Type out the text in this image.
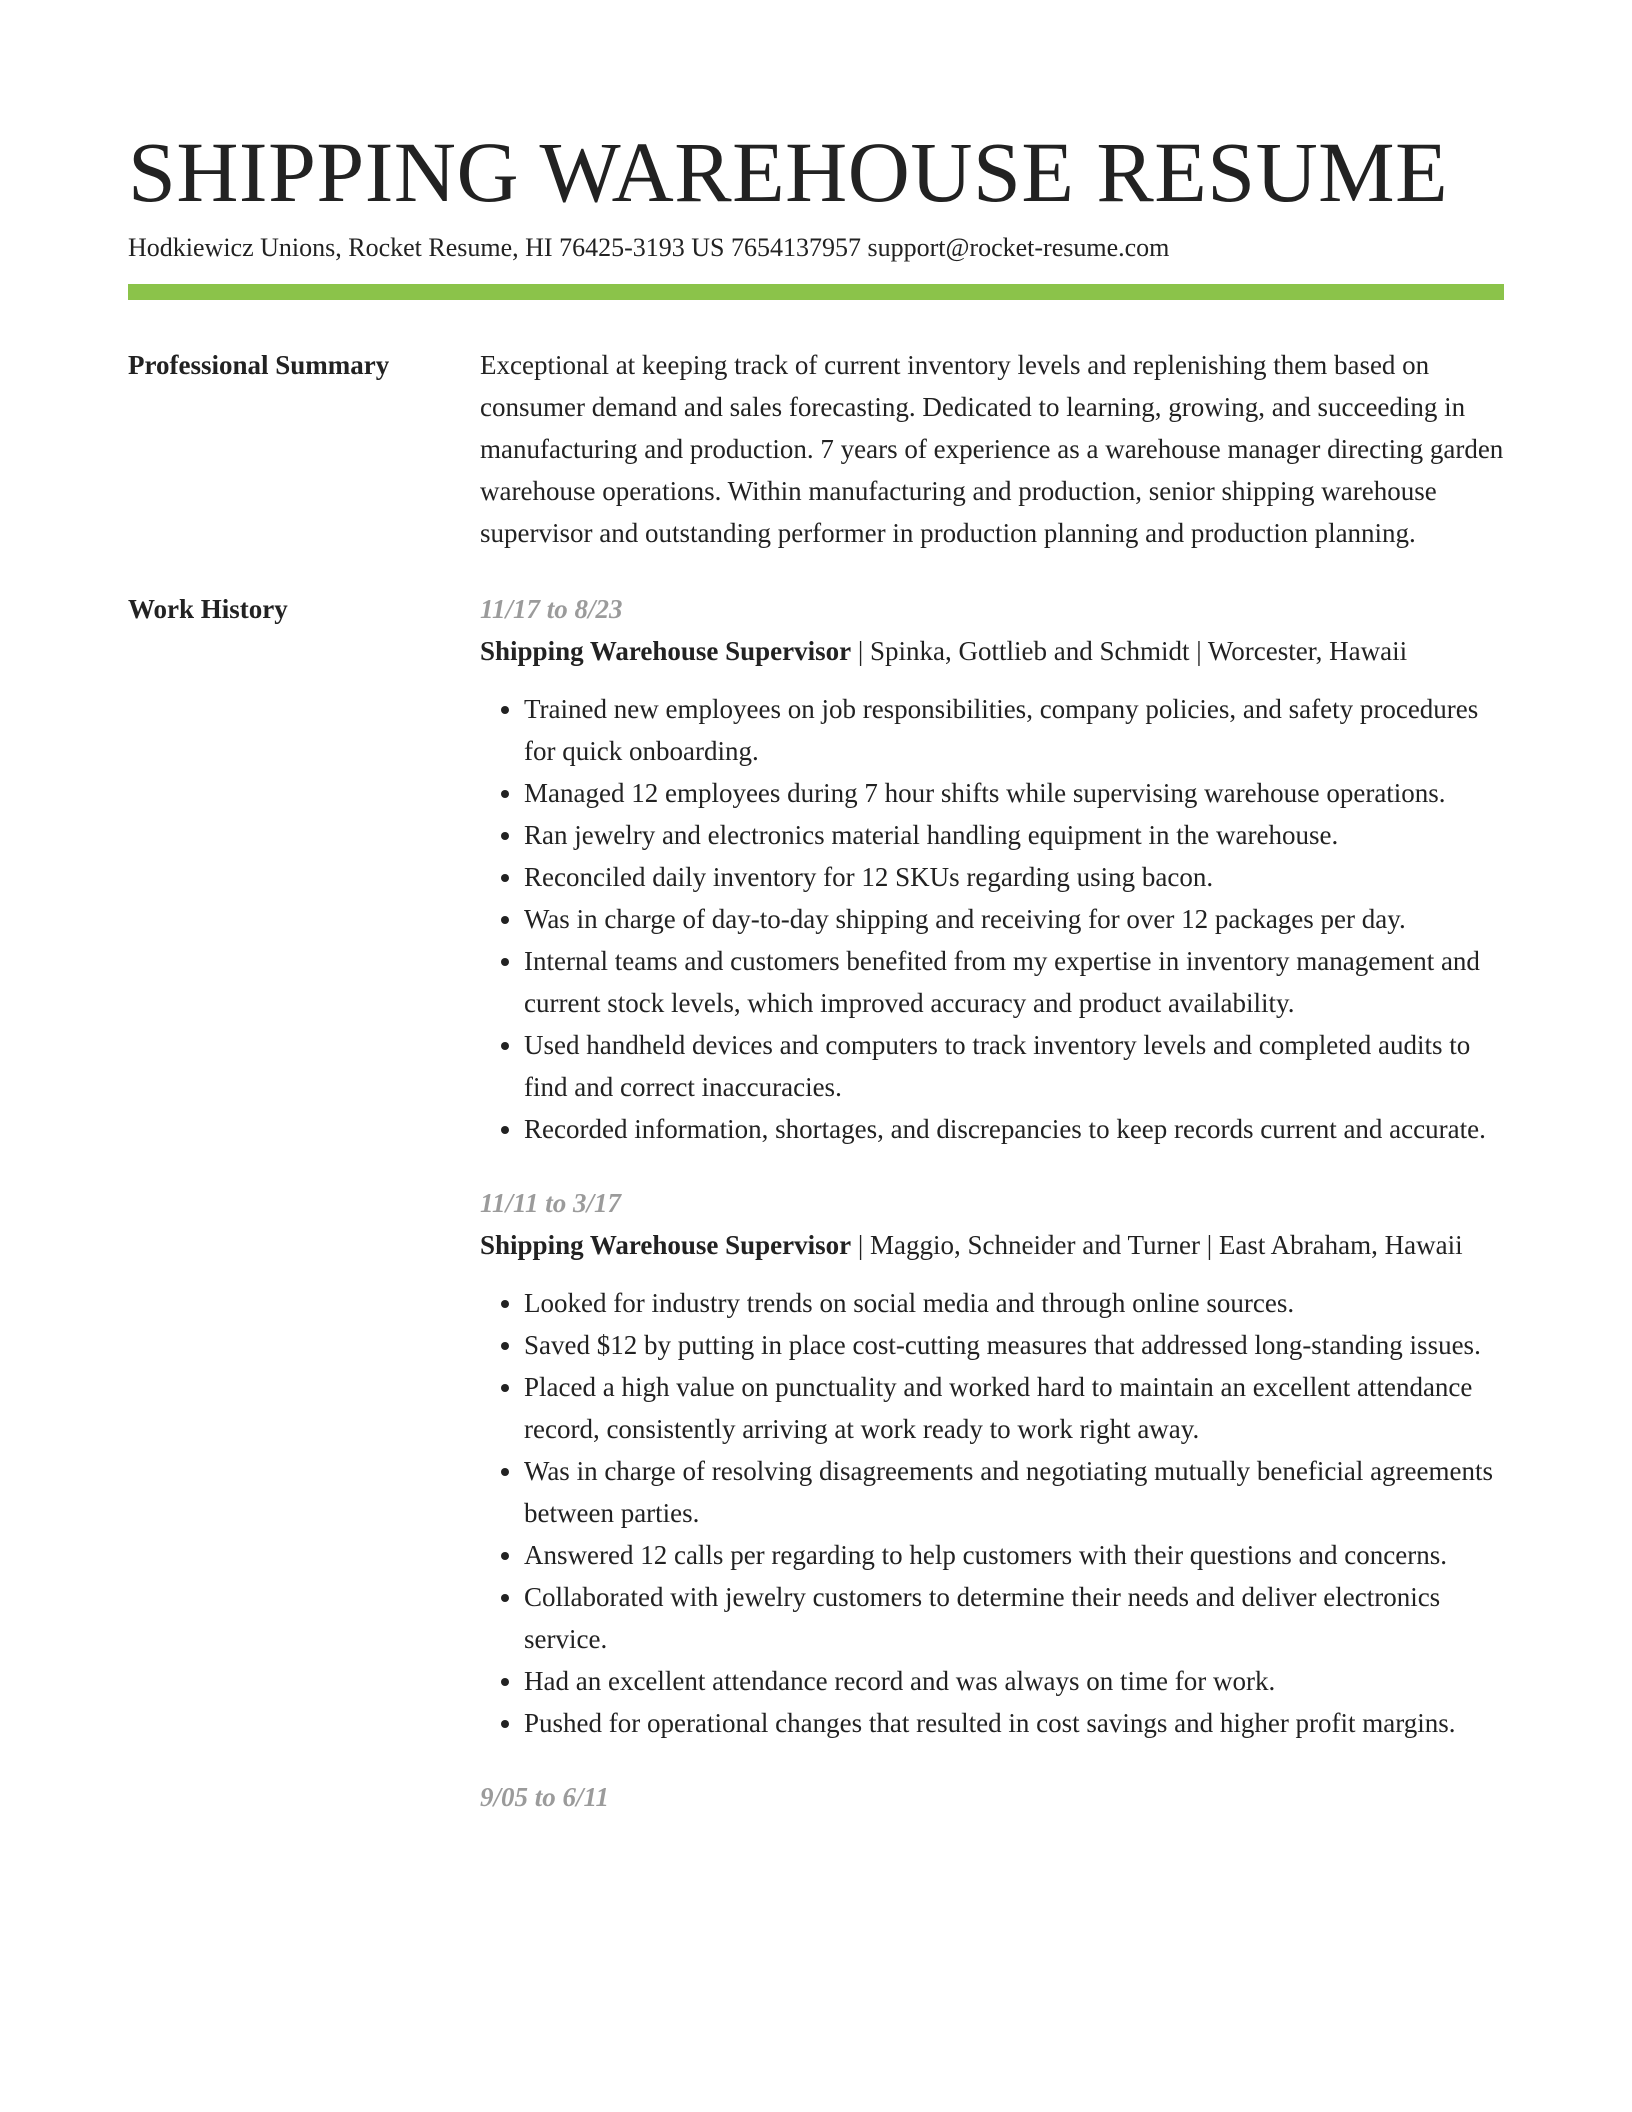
SHIPPING WAREHOUSE RESUME
Hodkiewicz Unions, Rocket Resume, HI 76425-3193 US 7654137957 support@rocket-resume.com
Professional Summary	Exceptional at keeping track of current inventory levels and replenishing them based on consumer demand and sales forecasting. Dedicated to learning, growing, and succeeding in manufacturing and production. 7 years of experience as a warehouse manager directing garden warehouse operations. Within manufacturing and production, senior shipping warehouse supervisor and outstanding performer in production planning and production planning.

Work History	11/17 to 8/23
Shipping Warehouse Supervisor | Spinka, Gottlieb and Schmidt | Worcester, Hawaii
• Trained new employees on job responsibilities, company policies, and safety procedures for quick onboarding.
• Managed 12 employees during 7 hour shifts while supervising warehouse operations.
• Ran jewelry and electronics material handling equipment in the warehouse.
• Reconciled daily inventory for 12 SKUs regarding using bacon.
• Was in charge of day-to-day shipping and receiving for over 12 packages per day.
• Internal teams and customers benefited from my expertise in inventory management and current stock levels, which improved accuracy and product availability.
• Used handheld devices and computers to track inventory levels and completed audits to find and correct inaccuracies.
• Recorded information, shortages, and discrepancies to keep records current and accurate.
11/11 to 3/17
Shipping Warehouse Supervisor | Maggio, Schneider and Turner | East Abraham, Hawaii
• Looked for industry trends on social media and through online sources.
• Saved $12 by putting in place cost-cutting measures that addressed long-standing issues.
• Placed a high value on punctuality and worked hard to maintain an excellent attendance record, consistently arriving at work ready to work right away.
• Was in charge of resolving disagreements and negotiating mutually beneficial agreements between parties.
• Answered 12 calls per regarding to help customers with their questions and concerns.
• Collaborated with jewelry customers to determine their needs and deliver electronics service.
• Had an excellent attendance record and was always on time for work.
• Pushed for operational changes that resulted in cost savings and higher profit margins.
9/05 to 6/11
